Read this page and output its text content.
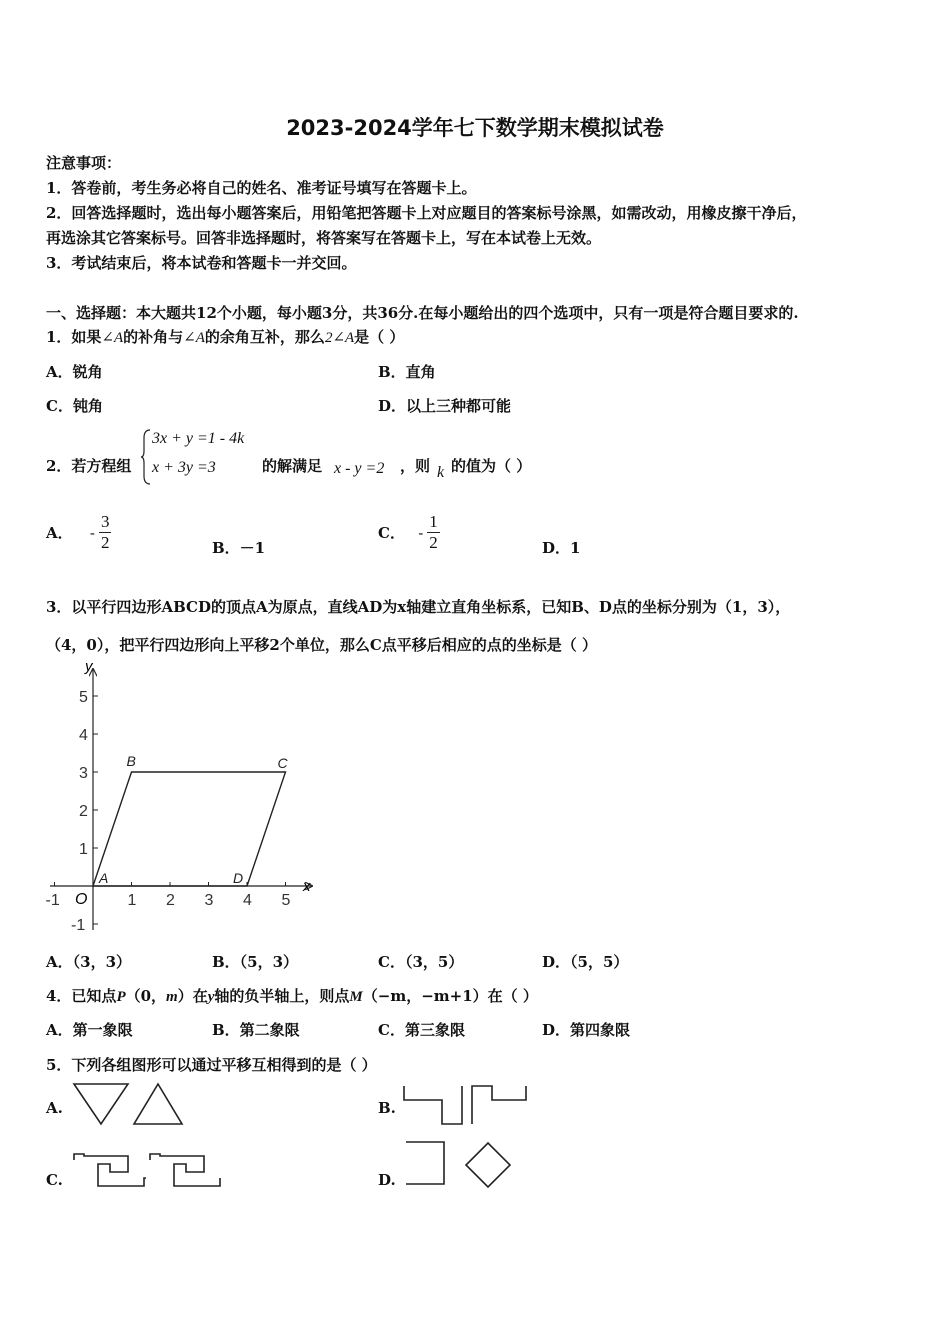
2023-2024学年七下数学期末模拟试卷
注意事项：
1．答卷前，考生务必将自己的姓名、准考证号填写在答题卡上。
2．回答选择题时，选出每小题答案后，用铅笔把答题卡上对应题目的答案标号涂黑，如需改动，用橡皮擦干净后，
再选涂其它答案标号。回答非选择题时，将答案写在答题卡上，写在本试卷上无效。
3．考试结束后，将本试卷和答题卡一并交回。
一、选择题：本大题共12个小题，每小题3分，共36分.在每小题给出的四个选项中，只有一项是符合题目要求的.
1．如果∠A的补角与∠A的余角互补，那么2∠A是（ ）
A．锐角	B．直角
C．钝角	D．以上三种都可能
2．若方程组
3x + y =1 - 4k
x + 3y =3	的解满足 x - y =2 ，则 k 的值为（ ）
A． - $\frac{3}{2}$	B．－1
C． - $\frac{1}{2}$	D．1
3．以平行四边形ABCD的顶点A为原点，直线AD为x轴建立直角坐标系，已知B、D点的坐标分别为（1，3），
（4，0），把平行四边形向上平移2个单位，那么C点平移后相应的点的坐标是（ ）
-1	1 2 3 4 5
5
4
3
2
1
-1
A
B	C
D
y
x
O
A．（3，3）	B．（5，3）	C．（3，5）	D．（5，5）
4．已知点P（0，m）在y轴的负半轴上，则点M（−m，−m+1）在（ ）
A．第一象限	B．第二象限	C．第三象限	D．第四象限
5．下列各组图形可以通过平移互相得到的是（ ）
A.	B.
C.	D.
